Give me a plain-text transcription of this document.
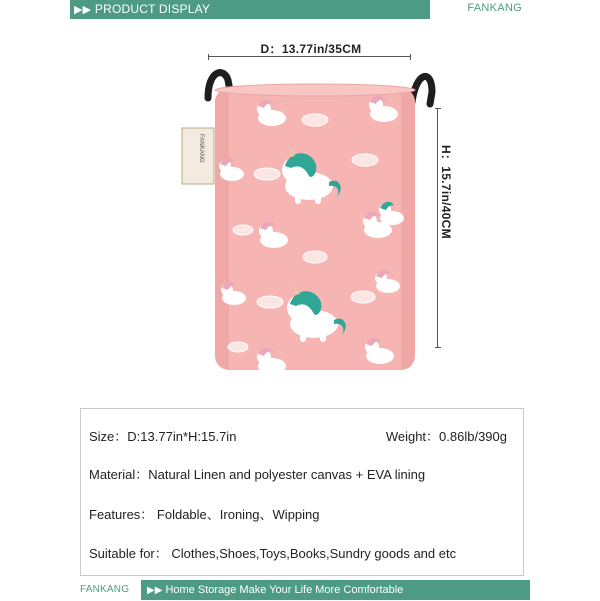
▶▶ PRODUCT DISPLAY	FANKANG
D：13.77in/35CM
H：15.7in/40CM
FANKANG
Size：D:13.77in*H:15.7in	Weight：0.86lb/390g
Material：Natural Linen and polyester canvas + EVA lining
Features： Foldable、Ironing、Wipping
Suitable for： Clothes,Shoes,Toys,Books,Sundry goods and etc
FANKANG	▶▶ Home Storage Make Your Life More Comfortable
